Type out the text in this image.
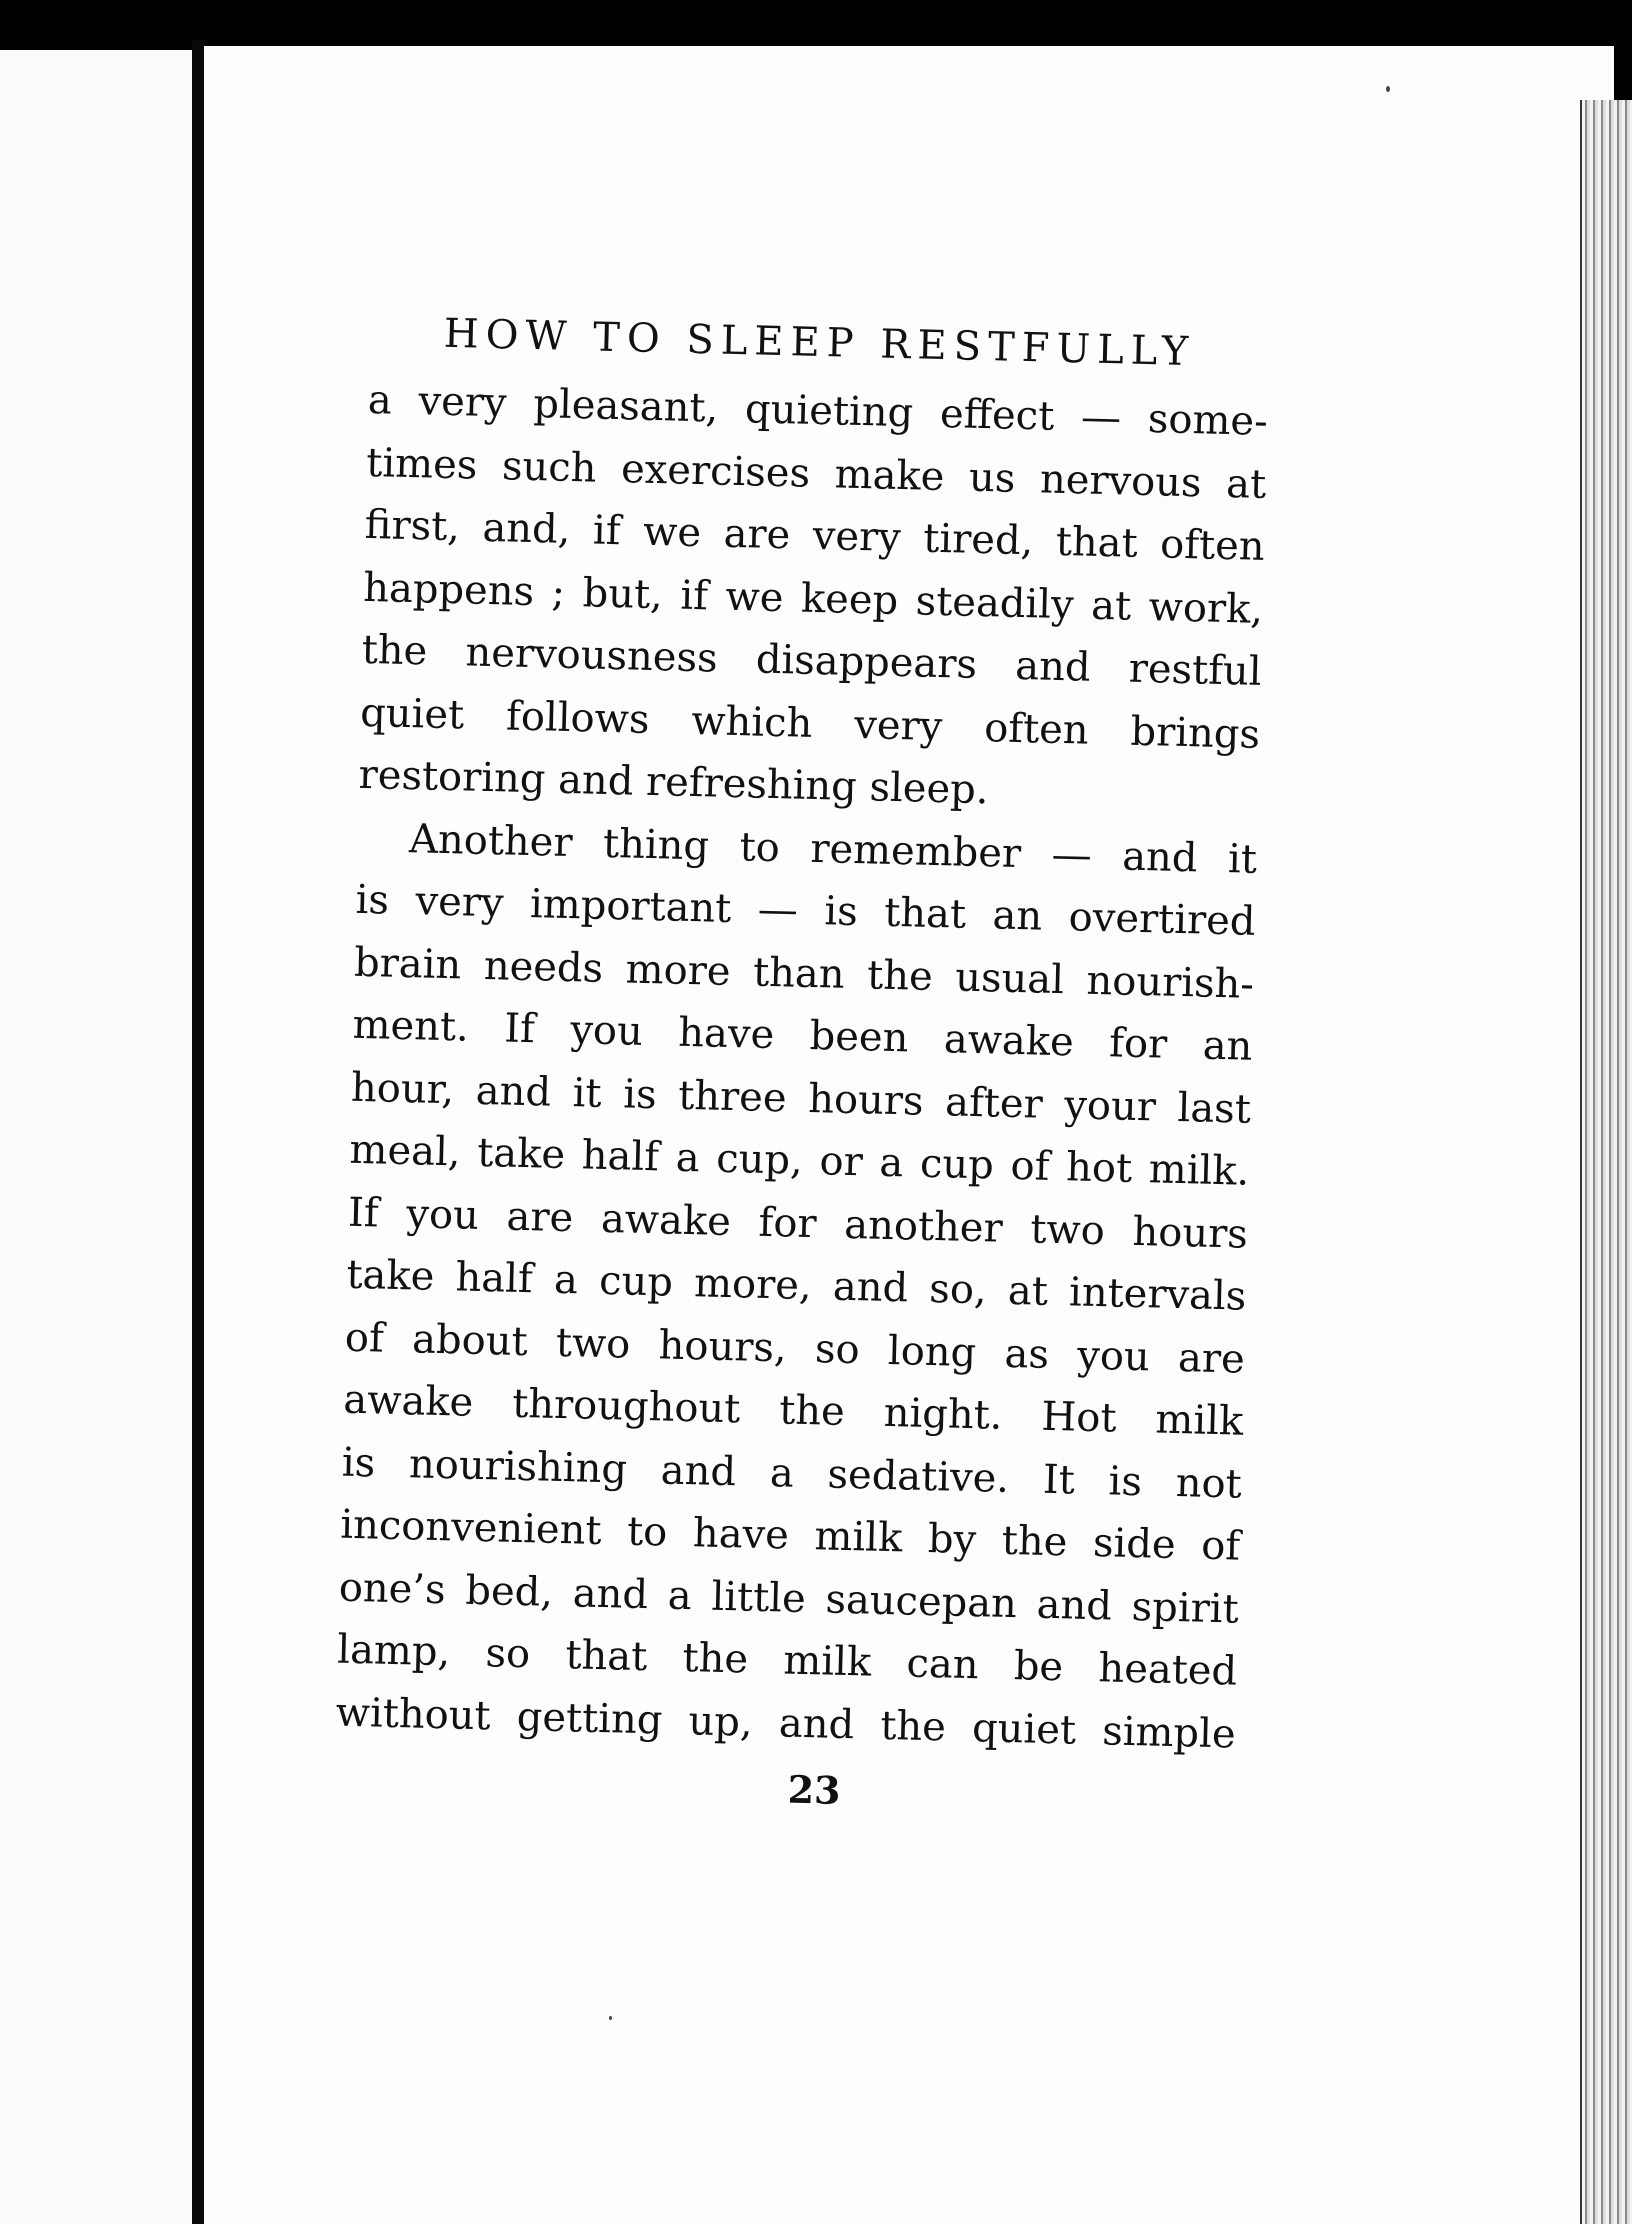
HOW TO SLEEP RESTFULLY

a very pleasant, quieting effect — some-
times such exercises make us nervous at
first, and, if we are very tired, that often
happens ; but, if we keep steadily at work,
the nervousness disappears and restful
quiet follows which very often brings
restoring and refreshing sleep.

Another thing to remember — and it
is very important — is that an overtired
brain needs more than the usual nourish-
ment. If you have been awake for an
hour, and it is three hours after your last
meal, take half a cup, or a cup of hot milk.
If you are awake for another two hours
take half a cup more, and so, at intervals
of about two hours, so long as you are
awake throughout the night. Hot milk
is nourishing and a sedative. It is not
inconvenient to have milk by the side of
one’s bed, and a little saucepan and spirit
lamp, so that the milk can be heated
without getting up, and the quiet simple

23
